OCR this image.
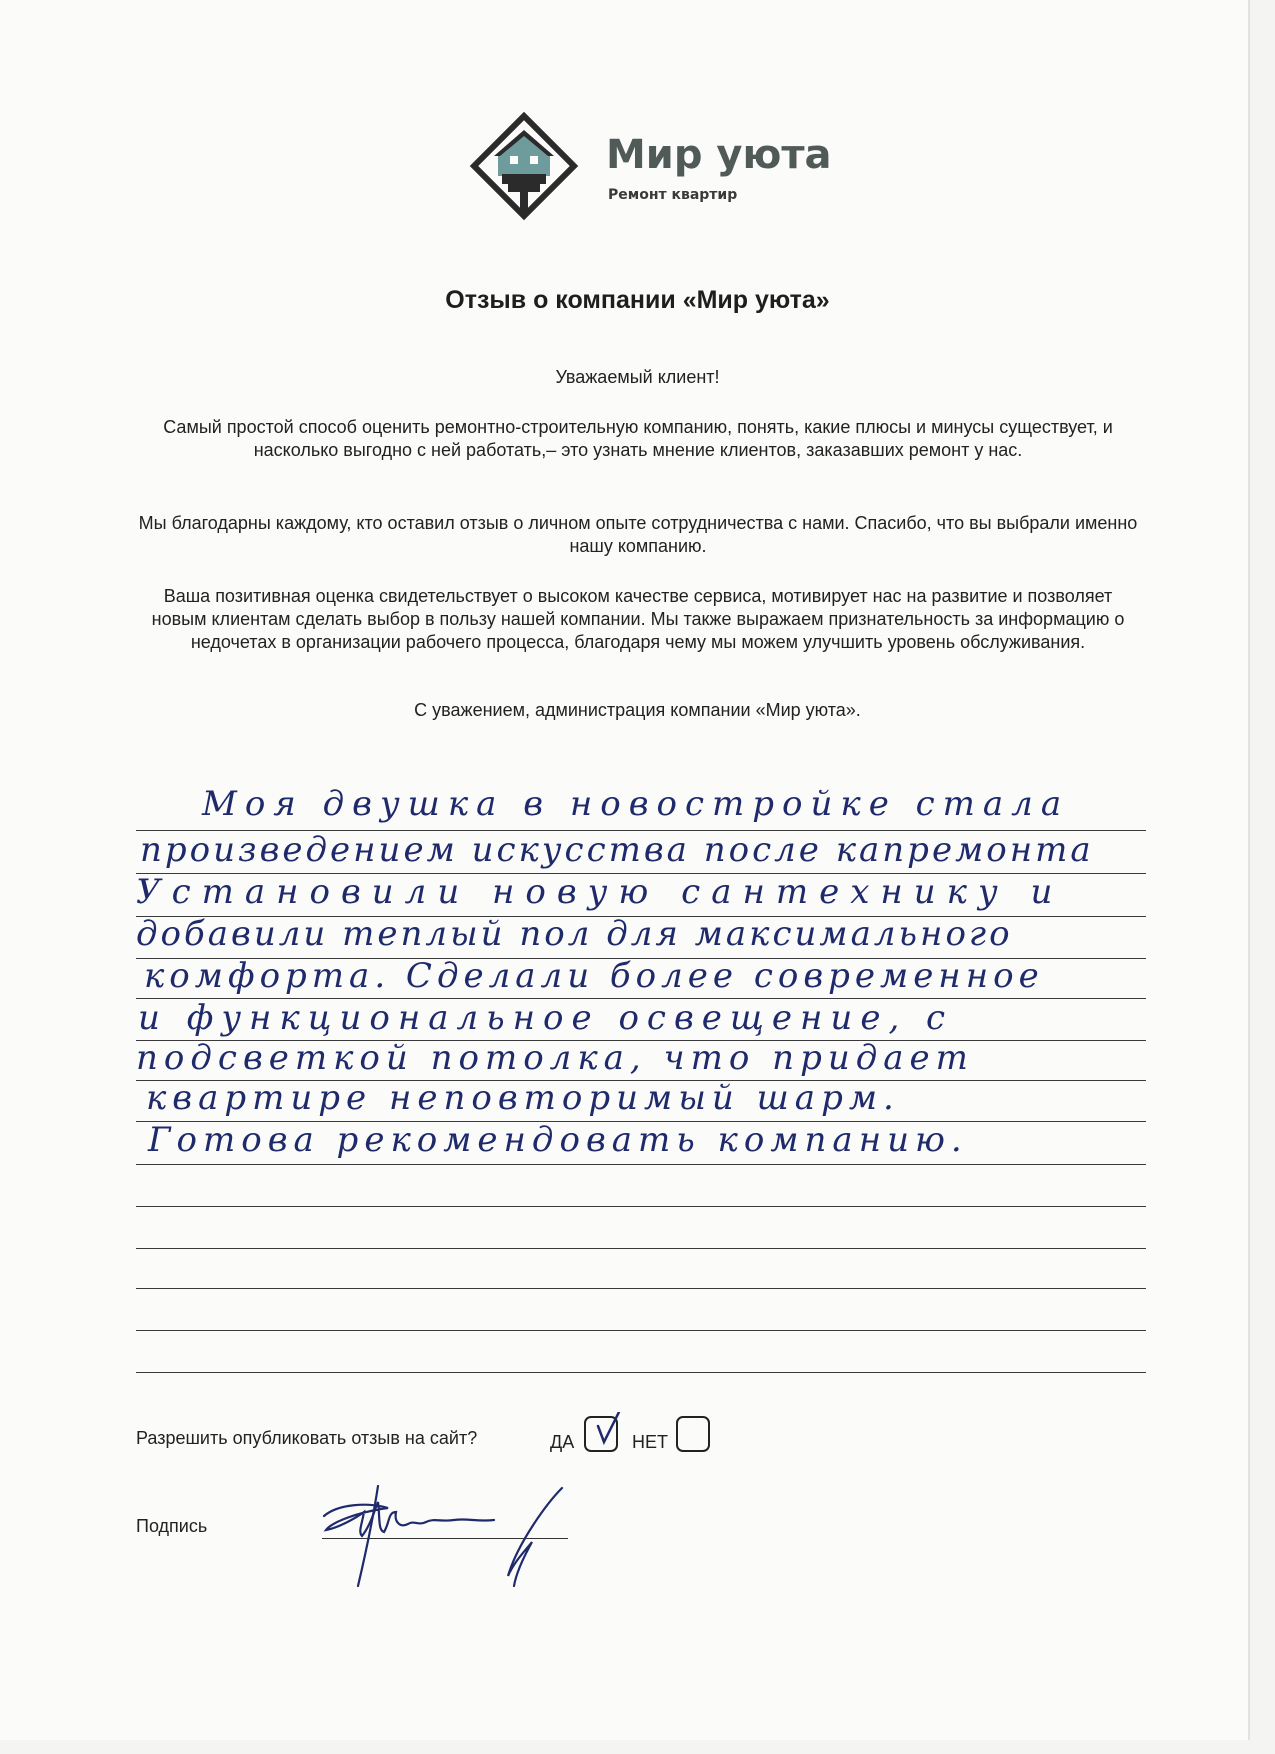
Мир уюта
Ремонт квартир
Отзыв о компании «Мир уюта»
Уважаемый клиент!
Самый простой способ оценить ремонтно-строительную компанию, понять, какие плюсы и минусы существует, и насколько выгодно с ней работать,– это узнать мнение клиентов, заказавших ремонт у нас.
Мы благодарны каждому, кто оставил отзыв о личном опыте сотрудничества с нами. Спасибо, что вы выбрали именно нашу компанию.
Ваша позитивная оценка свидетельствует о высоком качестве сервиса, мотивирует нас на развитие и позволяет новым клиентам сделать выбор в пользу нашей компании. Мы также выражаем признательность за информацию о недочетах в организации рабочего процесса, благодаря чему мы можем улучшить уровень обслуживания.
С уважением, администрация компании «Мир уюта».
Моя двушка в новостройке стала
произведением искусства после капремонта
Установили новую сантехнику и
добавили теплый пол для максимального
комфорта. Сделали более современное
и функциональное освещение, с
подсветкой потолка, что придает
квартире неповторимый шарм.
Готова рекомендовать компанию.
Разрешить опубликовать отзыв на сайт?	ДА	НЕТ
Подпись
